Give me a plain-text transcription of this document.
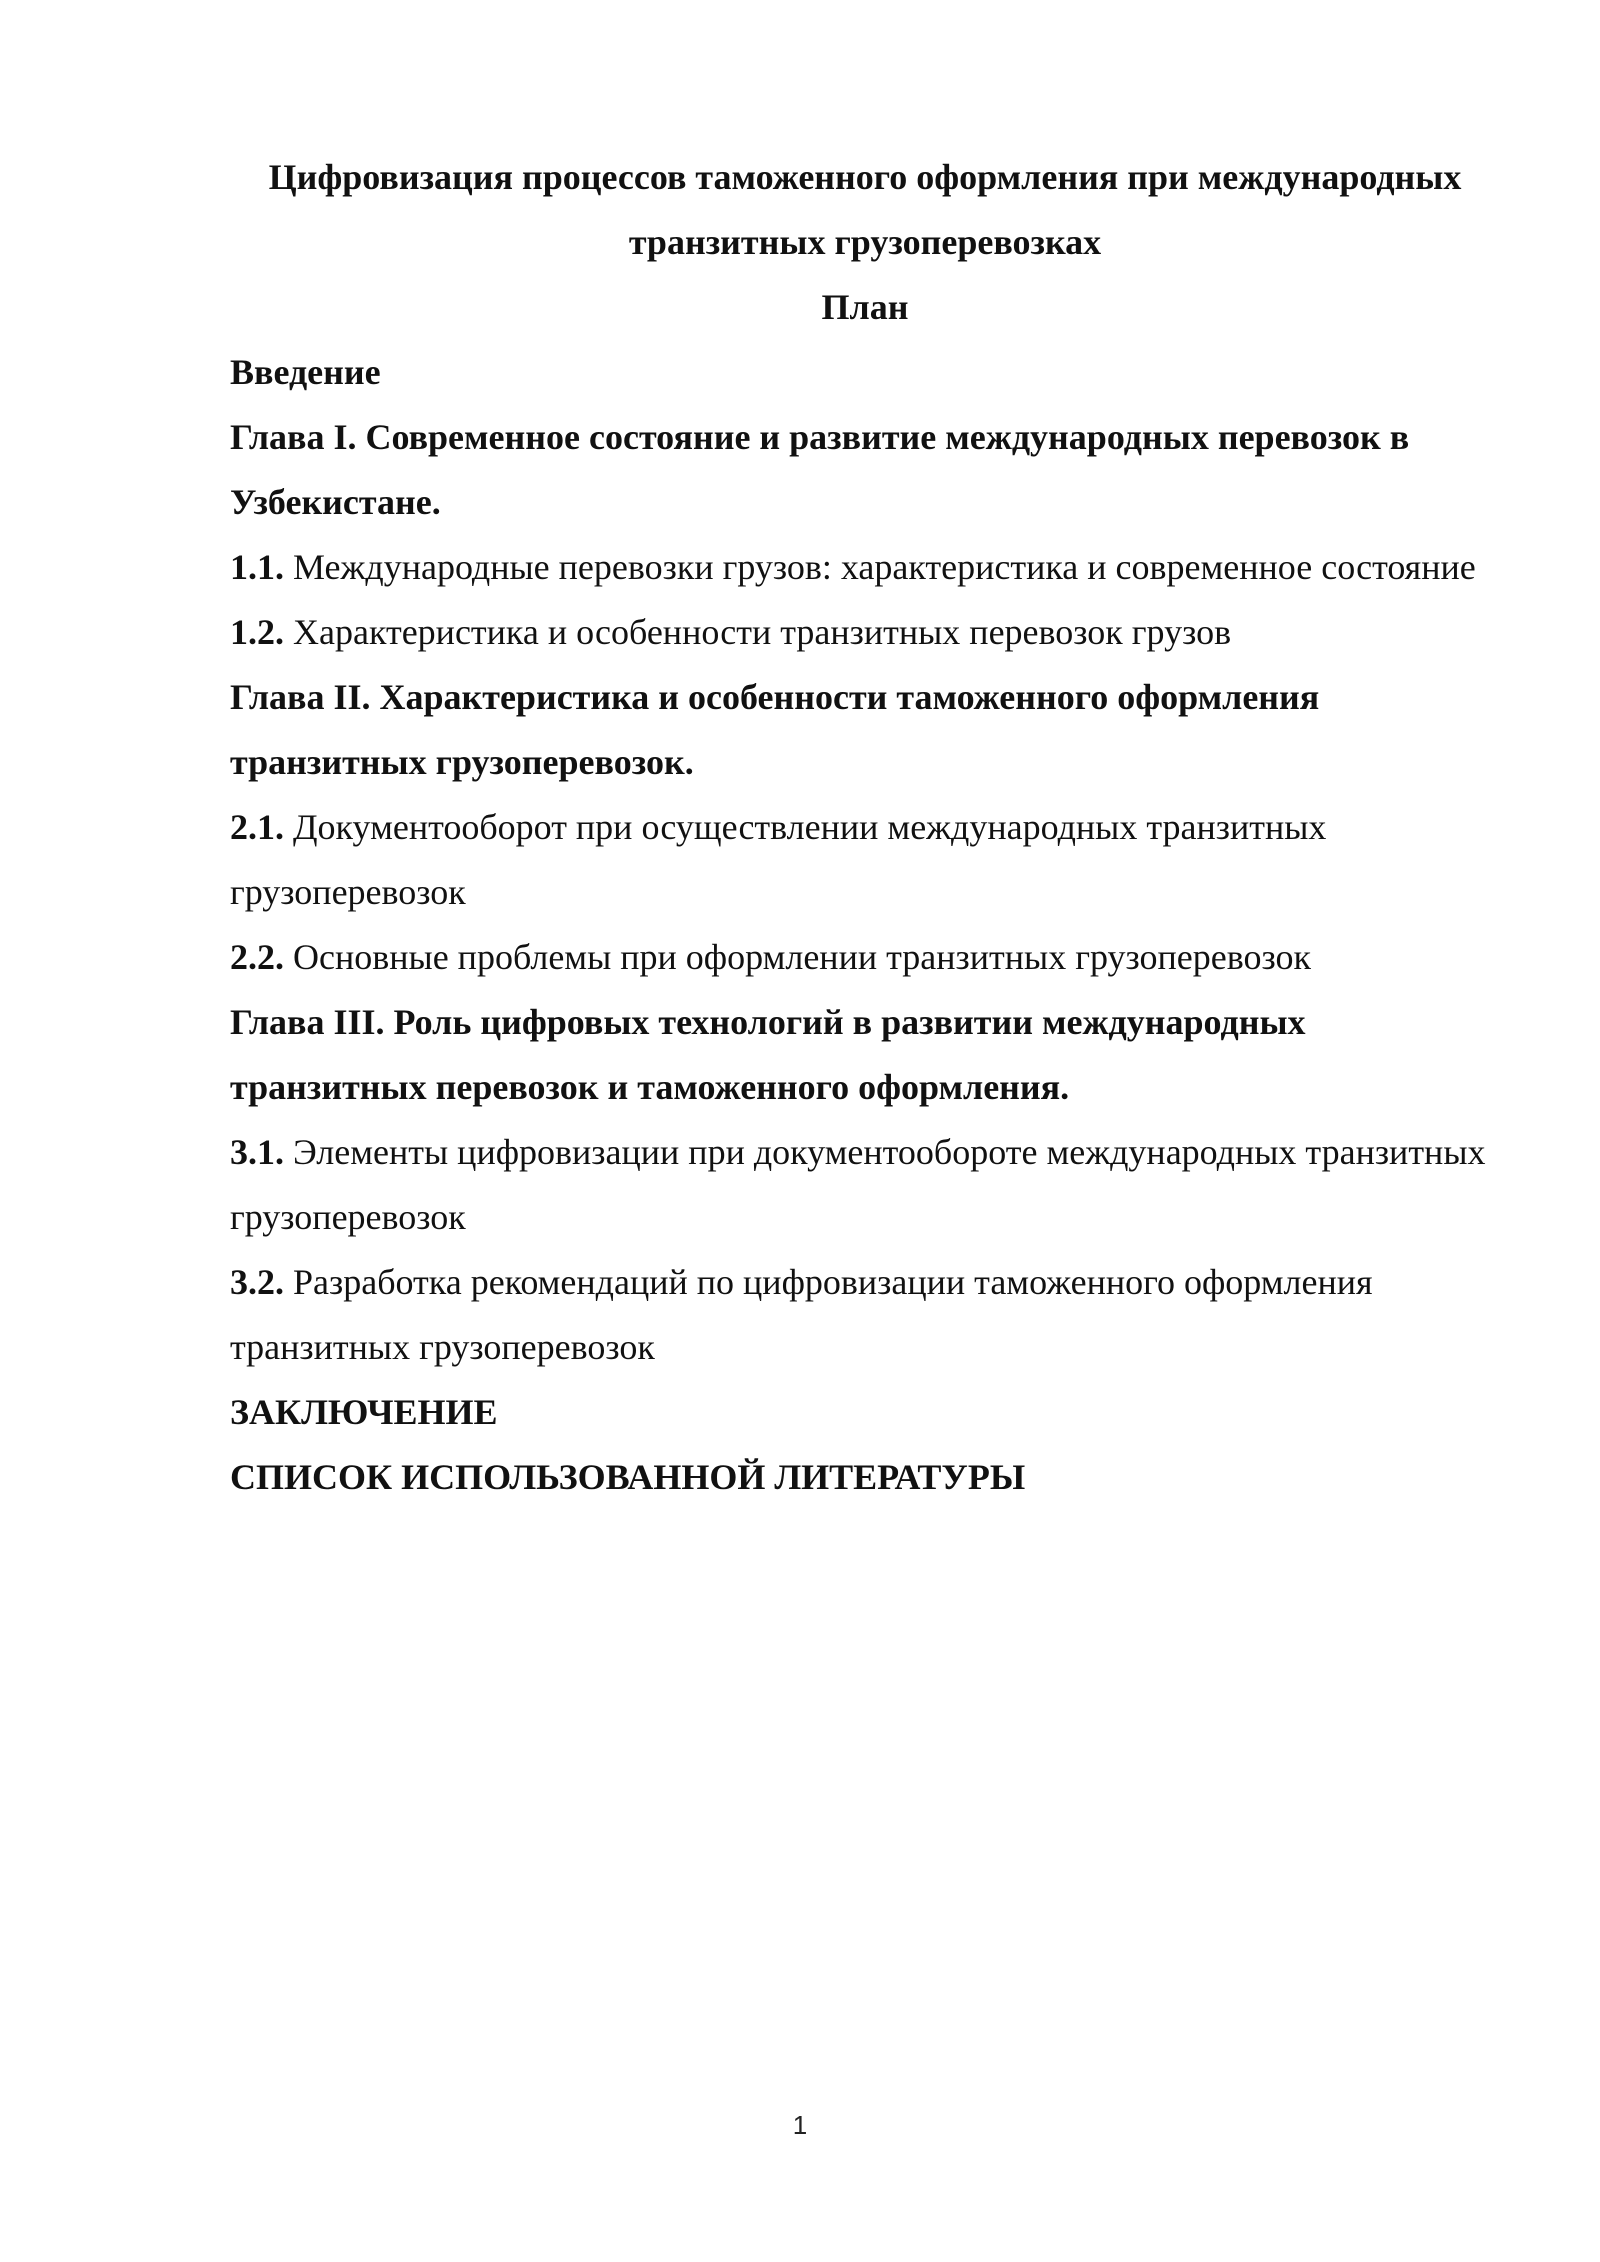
Цифровизация процессов таможенного оформления при международных транзитных грузоперевозках

План

Введение

Глава I. Современное состояние и развитие международных перевозок в Узбекистане.

1.1. Международные перевозки грузов: характеристика и современное состояние

1.2. Характеристика и особенности транзитных перевозок грузов

Глава II. Характеристика и особенности таможенного оформления транзитных грузоперевозок.

2.1. Документооборот при осуществлении международных транзитных грузоперевозок

2.2. Основные проблемы при оформлении транзитных грузоперевозок

Глава III. Роль цифровых технологий в развитии международных транзитных перевозок и таможенного оформления.

3.1. Элементы цифровизации при документообороте международных транзитных грузоперевозок

3.2. Разработка рекомендаций по цифровизации таможенного оформления транзитных грузоперевозок

ЗАКЛЮЧЕНИЕ

СПИСОК ИСПОЛЬЗОВАННОЙ ЛИТЕРАТУРЫ

1
